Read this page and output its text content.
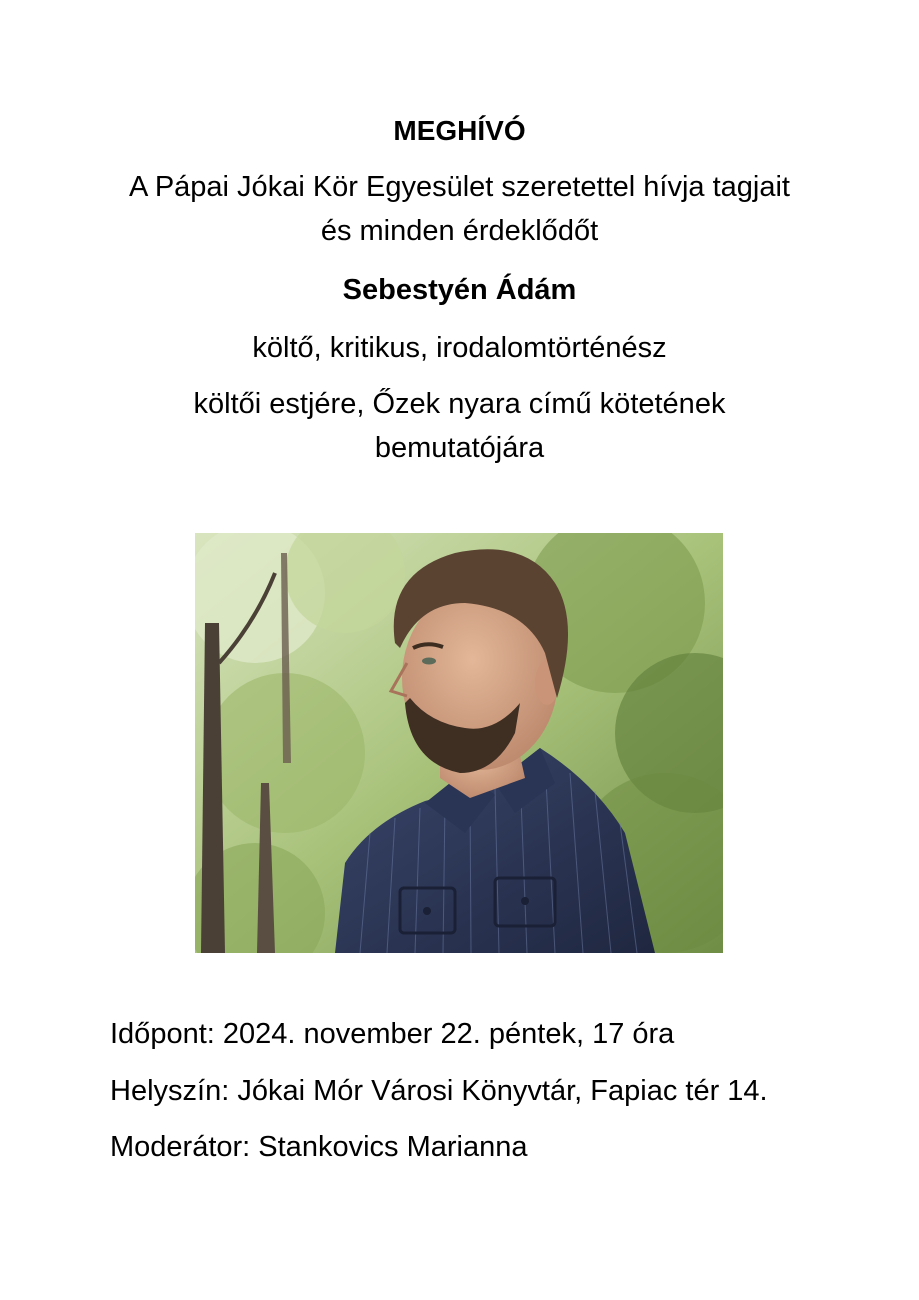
MEGHÍVÓ
A Pápai Jókai Kör Egyesület szeretettel hívja tagjait
és minden érdeklődőt
Sebestyén Ádám
költő, kritikus, irodalomtörténész
költői estjére, Őzek nyara című kötetének
bemutatójára
Időpont: 2024. november 22. péntek, 17 óra
Helyszín: Jókai Mór Városi Könyvtár, Fapiac tér 14.
Moderátor: Stankovics Marianna
